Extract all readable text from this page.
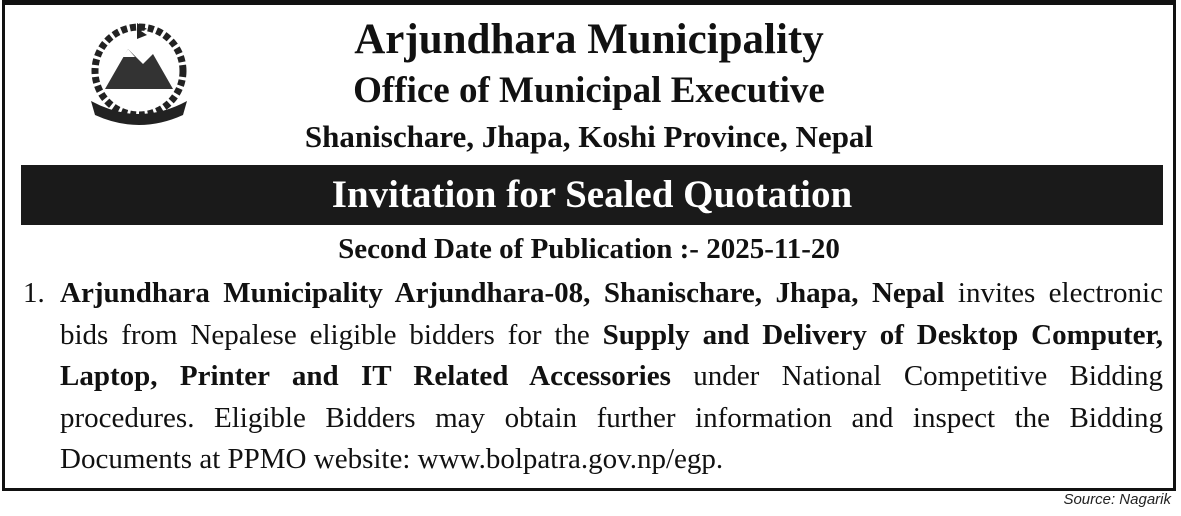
Arjundhara Municipality
Office of Municipal Executive
Shanischare, Jhapa, Koshi Province, Nepal
Invitation for Sealed Quotation
Second Date of Publication :- 2025-11-20
1. Arjundhara Municipality Arjundhara-08, Shanischare, Jhapa, Nepal invites electronic bids from Nepalese eligible bidders for the Supply and Delivery of Desktop Computer, Laptop, Printer and IT Related Accessories under National Competitive Bidding procedures. Eligible Bidders may obtain further information and inspect the Bidding Documents at PPMO website: www.bolpatra.gov.np/egp.
Source: Nagarik
